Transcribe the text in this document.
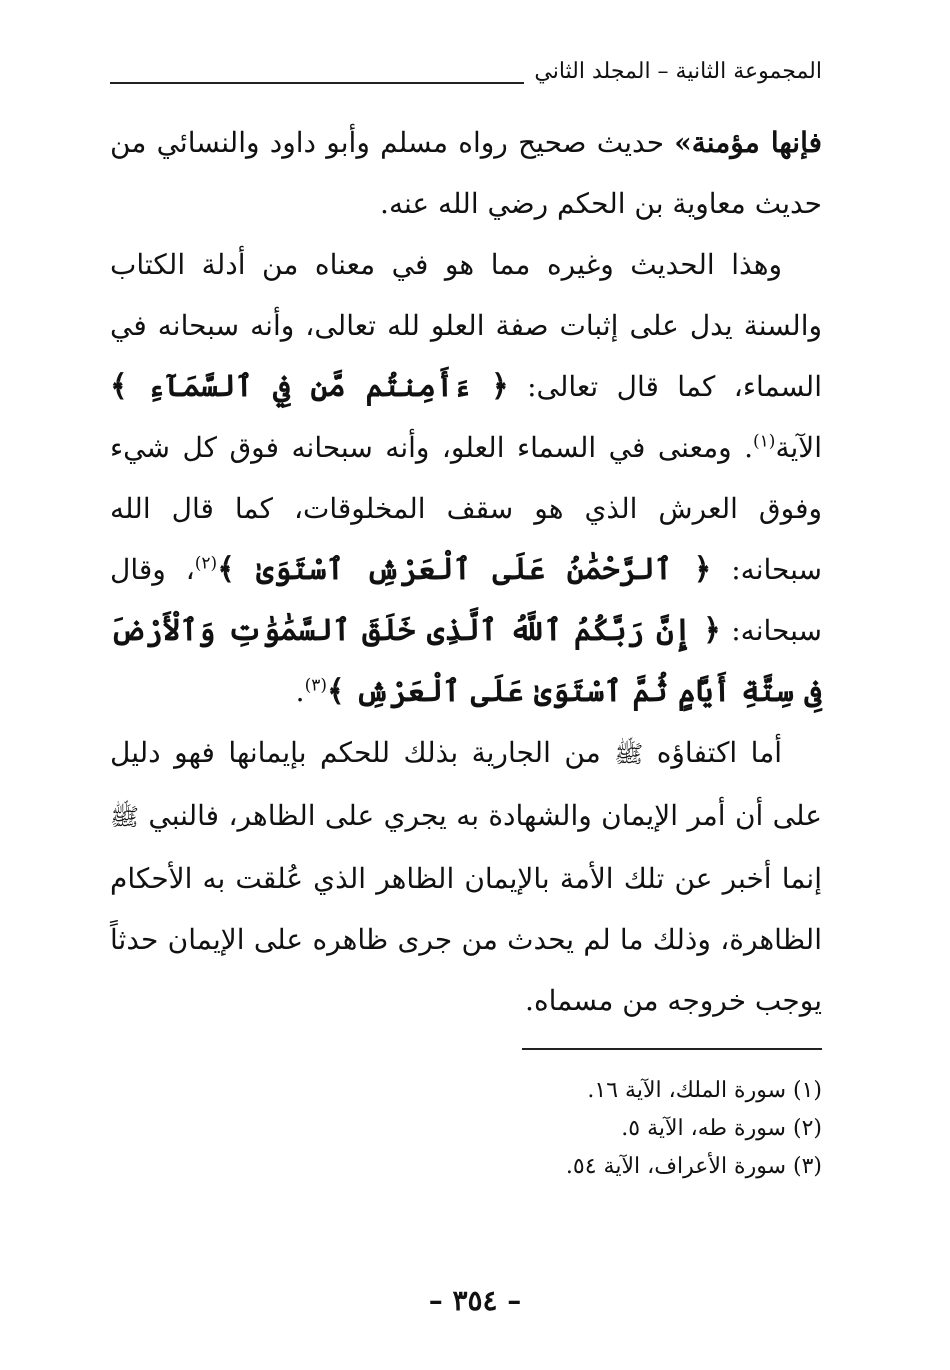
المجموعة الثانية – المجلد الثاني

فإنها مؤمنة» حديث صحيح رواه مسلم وأبو داود والنسائي من حديث معاوية بن الحكم رضي الله عنه.

وهذا الحديث وغيره مما هو في معناه من أدلة الكتاب والسنة يدل على إثبات صفة العلو لله تعالى، وأنه سبحانه في السماء، كما قال تعالى: ﴿ ءَأَمِنتُم مَّن فِي ٱلسَّمَآءِ ﴾ الآية$^{(١)}$. ومعنى في السماء العلو، وأنه سبحانه فوق كل شيء وفوق العرش الذي هو سقف المخلوقات، كما قال الله سبحانه: ﴿ ٱلرَّحْمَٰنُ عَلَى ٱلْعَرْشِ ٱسْتَوَىٰ ﴾$^{(٢)}$، وقال سبحانه: ﴿ إِنَّ رَبَّكُمُ ٱللَّهُ ٱلَّذِى خَلَقَ ٱلسَّمَٰوَٰتِ وَٱلْأَرْضَ فِى سِتَّةِ أَيَّامٍ ثُمَّ ٱسْتَوَىٰ عَلَى ٱلْعَرْشِ ﴾$^{(٣)}$.

أما اكتفاؤه ﷺ من الجارية بذلك للحكم بإيمانها فهو دليل على أن أمر الإيمان والشهادة به يجري على الظاهر، فالنبي ﷺ إنما أخبر عن تلك الأمة بالإيمان الظاهر الذي عُلقت به الأحكام الظاهرة، وذلك ما لم يحدث من جرى ظاهره على الإيمان حدثاً يوجب خروجه من مسماه.

(١) سورة الملك، الآية ١٦.

(٢) سورة طه، الآية ٥.

(٣) سورة الأعراف، الآية ٥٤.

– ٣٥٤ –
